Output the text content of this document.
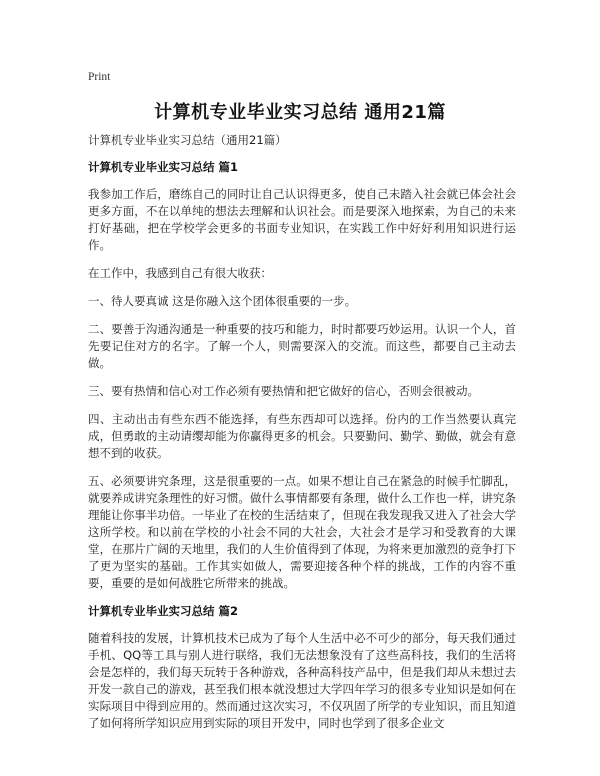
Print
计算机专业毕业实习总结 通用21篇

计算机专业毕业实习总结（通用21篇）

计算机专业毕业实习总结 篇1

我参加工作后，磨练自己的同时让自己认识得更多，使自己未踏入社会就已体会社会更多方面，不在以单纯的想法去理解和认识社会。而是要深入地探索，为自己的未来打好基础，把在学校学会更多的书面专业知识，在实践工作中好好利用知识进行运作。

在工作中，我感到自己有很大收获：

一、待人要真诚 这是你融入这个团体很重要的一步。

二、要善于沟通沟通是一种重要的技巧和能力，时时都要巧妙运用。认识一个人，首先要记住对方的名字。了解一个人，则需要深入的交流。而这些，都要自己主动去做。

三、要有热情和信心对工作必须有要热情和把它做好的信心，否则会很被动。

四、主动出击有些东西不能选择，有些东西却可以选择。份内的工作当然要认真完成，但勇敢的主动请缨却能为你赢得更多的机会。只要勤问、勤学、勤做，就会有意想不到的收获。

五、必须要讲究条理，这是很重要的一点。如果不想让自己在紧急的时候手忙脚乱，就要养成讲究条理性的好习惯。做什么事情都要有条理，做什么工作也一样，讲究条理能让你事半功倍。一毕业了在校的生活结束了，但现在我发现我又进入了社会大学这所学校。和以前在学校的小社会不同的大社会，大社会才是学习和受教育的大课堂，在那片广阔的天地里，我们的人生价值得到了体现，为将来更加激烈的竞争打下了更为坚实的基础。工作其实如做人，需要迎接各种个样的挑战，工作的内容不重要，重要的是如何战胜它所带来的挑战。

计算机专业毕业实习总结 篇2

随着科技的发展，计算机技术已成为了每个人生活中必不可少的部分，每天我们通过手机、QQ等工具与别人进行联络，我们无法想象没有了这些高科技，我们的生活将会是怎样的，我们每天玩转于各种游戏，各种高科技产品中，但是我们却从未想过去开发一款自己的游戏，甚至我们根本就没想过大学四年学习的很多专业知识是如何在实际项目中得到应用的。然而通过这次实习，不仅巩固了所学的专业知识，而且知道了如何将所学知识应用到实际的项目开发中，同时也学到了很多企业文
